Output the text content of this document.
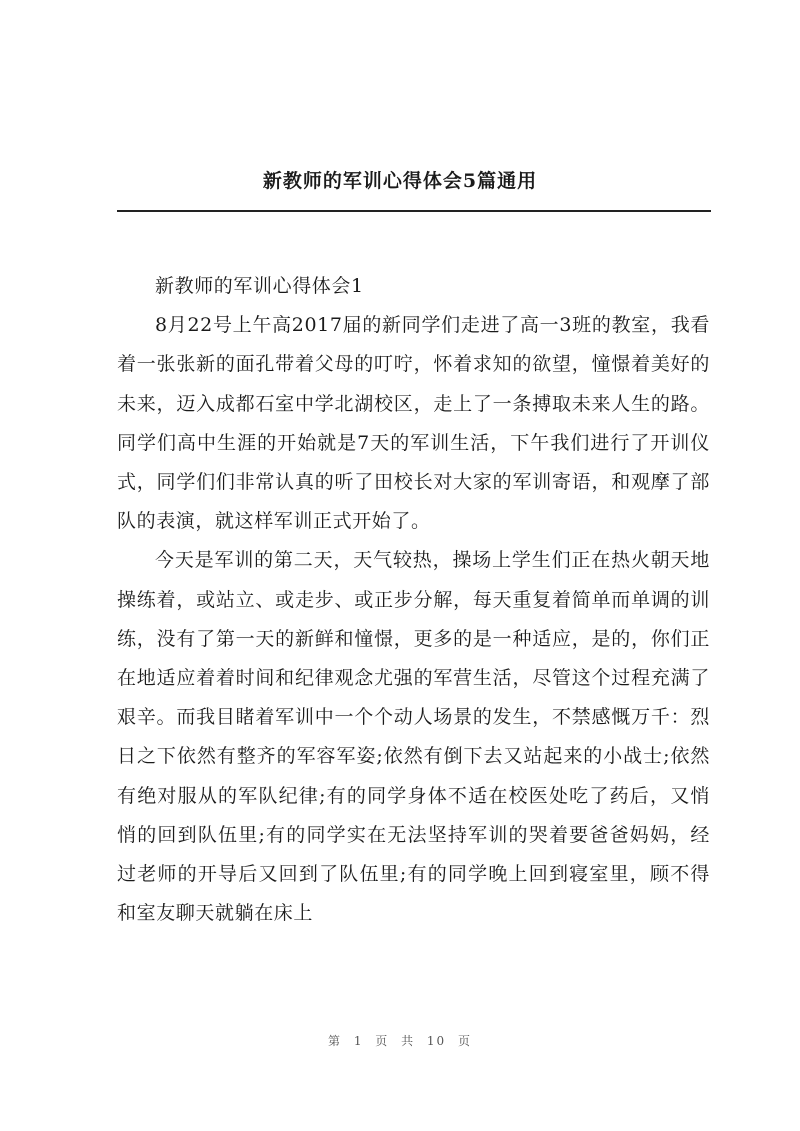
新教师的军训心得体会5篇通用

新教师的军训心得体会1

8月22号上午高2017届的新同学们走进了高一3班的教室，我看着一张张新的面孔带着父母的叮咛，怀着求知的欲望，憧憬着美好的未来，迈入成都石室中学北湖校区，走上了一条搏取未来人生的路。同学们高中生涯的开始就是7天的军训生活，下午我们进行了开训仪式，同学们们非常认真的听了田校长对大家的军训寄语，和观摩了部队的表演，就这样军训正式开始了。

今天是军训的第二天，天气较热，操场上学生们正在热火朝天地操练着，或站立、或走步、或正步分解，每天重复着简单而单调的训练，没有了第一天的新鲜和憧憬，更多的是一种适应，是的，你们正在地适应着着时间和纪律观念尤强的军营生活，尽管这个过程充满了艰辛。而我目睹着军训中一个个动人场景的发生，不禁感慨万千：烈日之下依然有整齐的军容军姿;依然有倒下去又站起来的小战士;依然有绝对服从的军队纪律;有的同学身体不适在校医处吃了药后，又悄悄的回到队伍里;有的同学实在无法坚持军训的哭着要爸爸妈妈，经过老师的开导后又回到了队伍里;有的同学晚上回到寝室里，顾不得和室友聊天就躺在床上

第 1 页 共 10 页
